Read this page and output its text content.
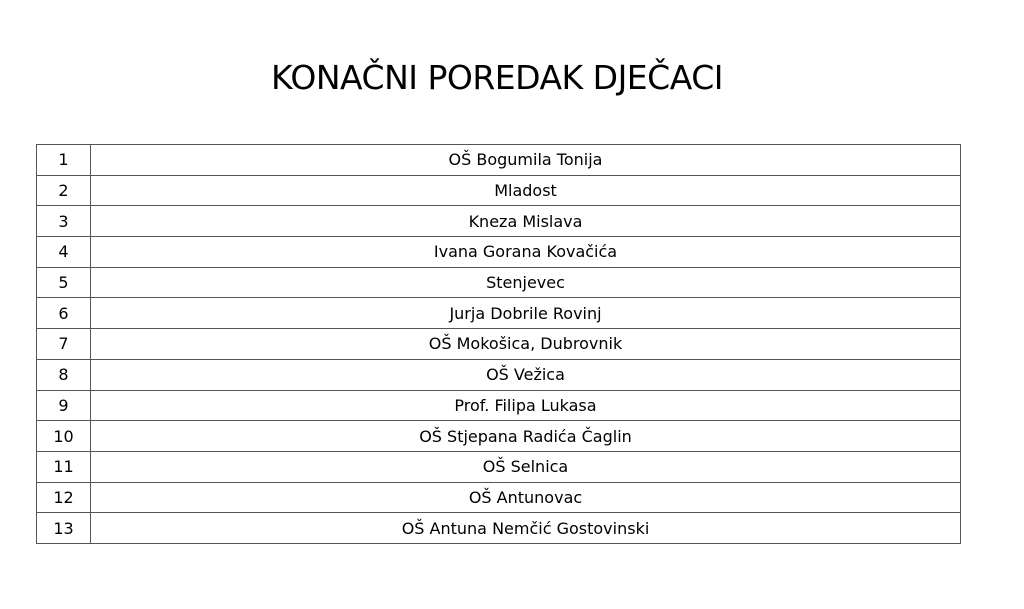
KONAČNI POREDAK DJEČACI
1	OŠ Bogumila Tonija
2	Mladost
3	Kneza Mislava
4	Ivana Gorana Kovačića
5	Stenjevec
6	Jurja Dobrile Rovinj
7	OŠ Mokošica, Dubrovnik
8	OŠ Vežica
9	Prof. Filipa Lukasa
10	OŠ Stjepana Radića Čaglin
11	OŠ Selnica
12	OŠ Antunovac
13	OŠ Antuna Nemčić Gostovinski
